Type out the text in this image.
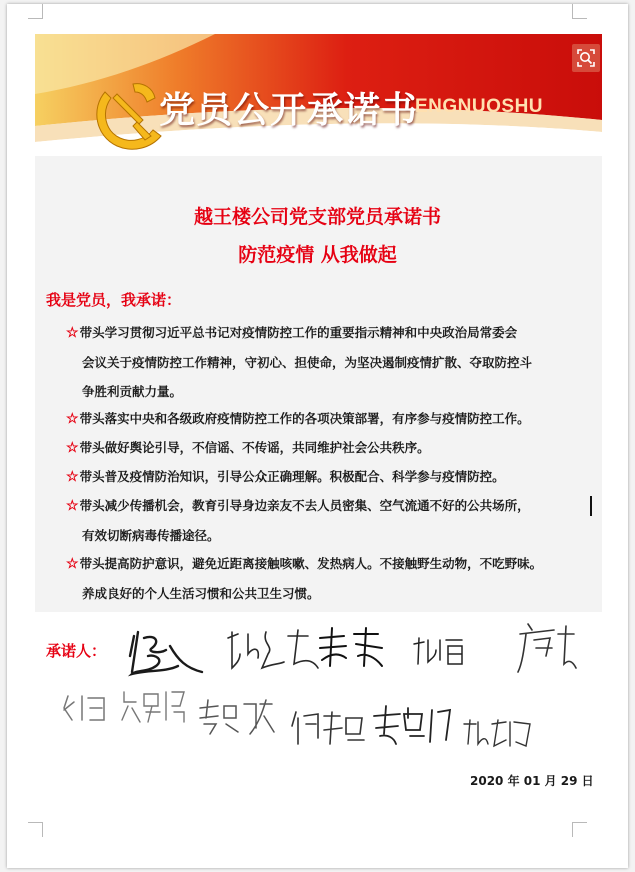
党员公开承诺书
ENGNUOSHU
越王楼公司党支部党员承诺书
防范疫情 从我做起
我是党员，我承诺：
☆带头学习贯彻习近平总书记对疫情防控工作的重要指示精神和中央政治局常委会
会议关于疫情防控工作精神，守初心、担使命，为坚决遏制疫情扩散、夺取防控斗
争胜利贡献力量。
☆带头落实中央和各级政府疫情防控工作的各项决策部署，有序参与疫情防控工作。
☆带头做好舆论引导，不信谣、不传谣，共同维护社会公共秩序。
☆带头普及疫情防治知识，引导公众正确理解。积极配合、科学参与疫情防控。
☆带头减少传播机会，教育引导身边亲友不去人员密集、空气流通不好的公共场所，
有效切断病毒传播途径。
☆带头提高防护意识，避免近距离接触咳嗽、发热病人。不接触野生动物，不吃野味。
养成良好的个人生活习惯和公共卫生习惯。
承诺人：
2020 年 01 月 29 日
